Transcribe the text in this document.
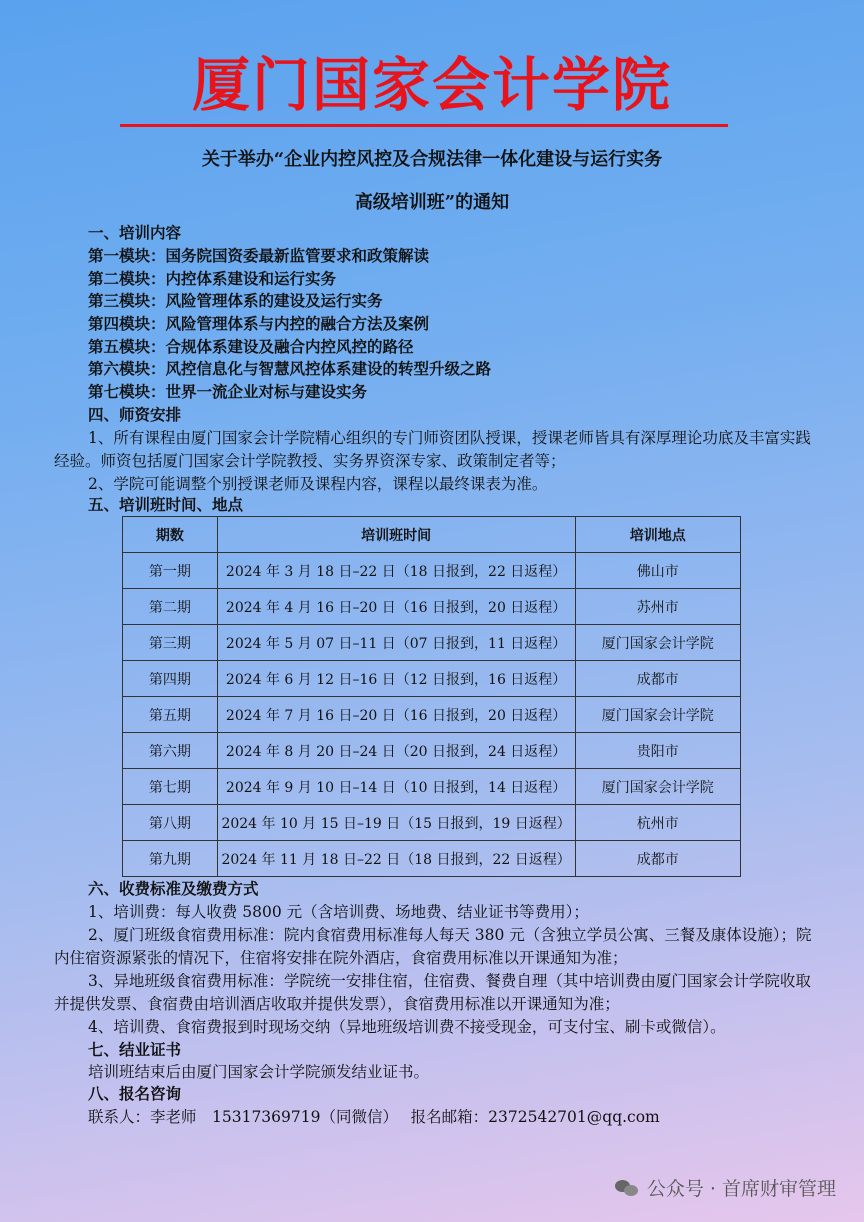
厦门国家会计学院
关于举办“企业内控风控及合规法律一体化建设与运行实务
高级培训班”的通知
一、培训内容
第一模块：国务院国资委最新监管要求和政策解读
第二模块：内控体系建设和运行实务
第三模块：风险管理体系的建设及运行实务
第四模块：风险管理体系与内控的融合方法及案例
第五模块：合规体系建设及融合内控风控的路径
第六模块：风控信息化与智慧风控体系建设的转型升级之路
第七模块：世界一流企业对标与建设实务
四、师资安排
1、所有课程由厦门国家会计学院精心组织的专门师资团队授课，授课老师皆具有深厚理论功底及丰富实践经验。师资包括厦门国家会计学院教授、实务界资深专家、政策制定者等；
2、学院可能调整个别授课老师及课程内容，课程以最终课表为准。
五、培训班时间、地点
期数	培训班时间	培训地点
第一期	2024 年 3 月 18 日–22 日（18 日报到，22 日返程）	佛山市
第二期	2024 年 4 月 16 日–20 日（16 日报到，20 日返程）	苏州市
第三期	2024 年 5 月 07 日–11 日（07 日报到，11 日返程）	厦门国家会计学院
第四期	2024 年 6 月 12 日–16 日（12 日报到，16 日返程）	成都市
第五期	2024 年 7 月 16 日–20 日（16 日报到，20 日返程）	厦门国家会计学院
第六期	2024 年 8 月 20 日–24 日（20 日报到，24 日返程）	贵阳市
第七期	2024 年 9 月 10 日–14 日（10 日报到，14 日返程）	厦门国家会计学院
第八期	2024 年 10 月 15 日–19 日（15 日报到，19 日返程）	杭州市
第九期	2024 年 11 月 18 日–22 日（18 日报到，22 日返程）	成都市
六、收费标准及缴费方式
1、培训费：每人收费 5800 元（含培训费、场地费、结业证书等费用）；
2、厦门班级食宿费用标准：院内食宿费用标准每人每天 380 元（含独立学员公寓、三餐及康体设施）；院内住宿资源紧张的情况下，住宿将安排在院外酒店，食宿费用标准以开课通知为准；
3、异地班级食宿费用标准：学院统一安排住宿，住宿费、餐费自理（其中培训费由厦门国家会计学院收取并提供发票、食宿费由培训酒店收取并提供发票），食宿费用标准以开课通知为准；
4、培训费、食宿费报到时现场交纳（异地班级培训费不接受现金，可支付宝、刷卡或微信）。
七、结业证书
培训班结束后由厦门国家会计学院颁发结业证书。
八、报名咨询
联系人：李老师　15317369719（同微信）　 报名邮箱：2372542701@qq.com
公众号 · 首席财审管理
